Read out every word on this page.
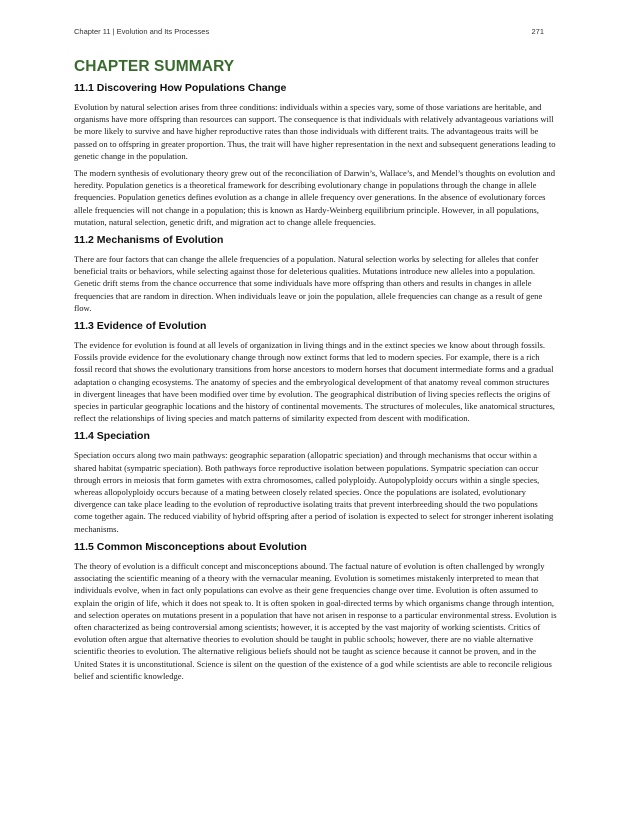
Chapter 11 | Evolution and Its Processes	271
CHAPTER SUMMARY
11.1 Discovering How Populations Change

Evolution by natural selection arises from three conditions: individuals within a species vary, some of those variations are heritable, and organisms have more offspring than resources can support. The consequence is that individuals with relatively advantageous variations will be more likely to survive and have higher reproductive rates than those individuals with different traits. The advantageous traits will be passed on to offspring in greater proportion. Thus, the trait will have higher representation in the next and subsequent generations leading to genetic change in the population.

The modern synthesis of evolutionary theory grew out of the reconciliation of Darwin’s, Wallace’s, and Mendel’s thoughts on evolution and heredity. Population genetics is a theoretical framework for describing evolutionary change in populations through the change in allele frequencies. Population genetics defines evolution as a change in allele frequency over generations. In the absence of evolutionary forces allele frequencies will not change in a population; this is known as Hardy-Weinberg equilibrium principle. However, in all populations, mutation, natural selection, genetic drift, and migration act to change allele frequencies.

11.2 Mechanisms of Evolution

There are four factors that can change the allele frequencies of a population. Natural selection works by selecting for alleles that confer beneficial traits or behaviors, while selecting against those for deleterious qualities. Mutations introduce new alleles into a population. Genetic drift stems from the chance occurrence that some individuals have more offspring than others and results in changes in allele frequencies that are random in direction. When individuals leave or join the population, allele frequencies can change as a result of gene flow.

11.3 Evidence of Evolution

The evidence for evolution is found at all levels of organization in living things and in the extinct species we know about through fossils. Fossils provide evidence for the evolutionary change through now extinct forms that led to modern species. For example, there is a rich fossil record that shows the evolutionary transitions from horse ancestors to modern horses that document intermediate forms and a gradual adaptation o changing ecosystems. The anatomy of species and the embryological development of that anatomy reveal common structures in divergent lineages that have been modified over time by evolution. The geographical distribution of living species reflects the origins of species in particular geographic locations and the history of continental movements. The structures of molecules, like anatomical structures, reflect the relationships of living species and match patterns of similarity expected from descent with modification.

11.4 Speciation

Speciation occurs along two main pathways: geographic separation (allopatric speciation) and through mechanisms that occur within a shared habitat (sympatric speciation). Both pathways force reproductive isolation between populations. Sympatric speciation can occur through errors in meiosis that form gametes with extra chromosomes, called polyploidy. Autopolyploidy occurs within a single species, whereas allopolyploidy occurs because of a mating between closely related species. Once the populations are isolated, evolutionary divergence can take place leading to the evolution of reproductive isolating traits that prevent interbreeding should the two populations come together again. The reduced viability of hybrid offspring after a period of isolation is expected to select for stronger inherent isolating mechanisms.

11.5 Common Misconceptions about Evolution

The theory of evolution is a difficult concept and misconceptions abound. The factual nature of evolution is often challenged by wrongly associating the scientific meaning of a theory with the vernacular meaning. Evolution is sometimes mistakenly interpreted to mean that individuals evolve, when in fact only populations can evolve as their gene frequencies change over time. Evolution is often assumed to explain the origin of life, which it does not speak to. It is often spoken in goal-directed terms by which organisms change through intention, and selection operates on mutations present in a population that have not arisen in response to a particular environmental stress. Evolution is often characterized as being controversial among scientists; however, it is accepted by the vast majority of working scientists. Critics of evolution often argue that alternative theories to evolution should be taught in public schools; however, there are no viable alternative scientific theories to evolution. The alternative religious beliefs should not be taught as science because it cannot be proven, and in the United States it is unconstitutional. Science is silent on the question of the existence of a god while scientists are able to reconcile religious belief and scientific knowledge.
